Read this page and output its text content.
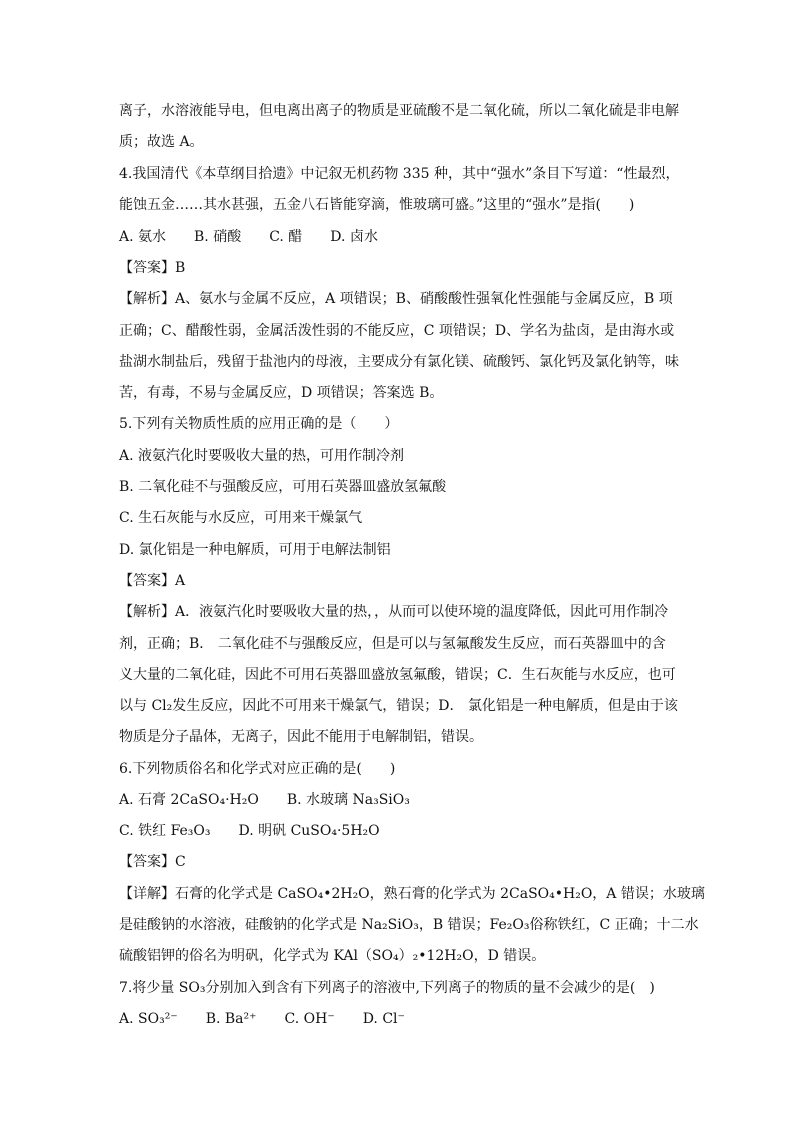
离子，水溶液能导电，但电离出离子的物质是亚硫酸不是二氧化硫，所以二氧化硫是非电解
质；故选 A。
4.我国清代《本草纲目拾遗》中记叙无机药物 335 种，其中“强水”条目下写道：“性最烈，
能蚀五金……其水甚强，五金八石皆能穿滴，惟玻璃可盛。”这里的“强水”是指(　　)
A. 氨水　　B. 硝酸　　C. 醋　　D. 卤水
【答案】B
【解析】A、氨水与金属不反应，A 项错误；B、硝酸酸性强氧化性强能与金属反应，B 项
正确；C、醋酸性弱，金属活泼性弱的不能反应，C 项错误；D、学名为盐卤，是由海水或
盐湖水制盐后，残留于盐池内的母液，主要成分有氯化镁、硫酸钙、氯化钙及氯化钠等，味
苦，有毒，不易与金属反应，D 项错误；答案选 B。
5.下列有关物质性质的应用正确的是（　　）
A. 液氨汽化时要吸收大量的热，可用作制冷剂
B. 二氧化硅不与强酸反应，可用石英器皿盛放氢氟酸
C. 生石灰能与水反应，可用来干燥氯气
D. 氯化铝是一种电解质，可用于电解法制铝
【答案】A
【解析】A．液氨汽化时要吸收大量的热，，从而可以使环境的温度降低，因此可用作制冷
剂，正确；B． 二氧化硅不与强酸反应，但是可以与氢氟酸发生反应，而石英器皿中的含
义大量的二氧化硅，因此不可用石英器皿盛放氢氟酸，错误；C．生石灰能与水反应，也可
以与 Cl₂发生反应，因此不可用来干燥氯气，错误；D． 氯化铝是一种电解质，但是由于该
物质是分子晶体，无离子，因此不能用于电解制铝，错误。
6.下列物质俗名和化学式对应正确的是(　　)
A. 石膏 2CaSO₄·H₂O　　B. 水玻璃 Na₃SiO₃
C. 铁红 Fe₃O₃　　D. 明矾 CuSO₄·5H₂O
【答案】C
【详解】石膏的化学式是 CaSO₄•2H₂O，熟石膏的化学式为 2CaSO₄•H₂O，A 错误；水玻璃
是硅酸钠的水溶液，硅酸钠的化学式是 Na₂SiO₃，B 错误；Fe₂O₃俗称铁红，C 正确；十二水
硫酸铝钾的俗名为明矾，化学式为 KAl（SO₄）₂•12H₂O，D 错误。
7.将少量 SO₃分别加入到含有下列离子的溶液中,下列离子的物质的量不会减少的是(　)
A. SO₃²⁻　　B. Ba²⁺　　C. OH⁻　　D. Cl⁻
